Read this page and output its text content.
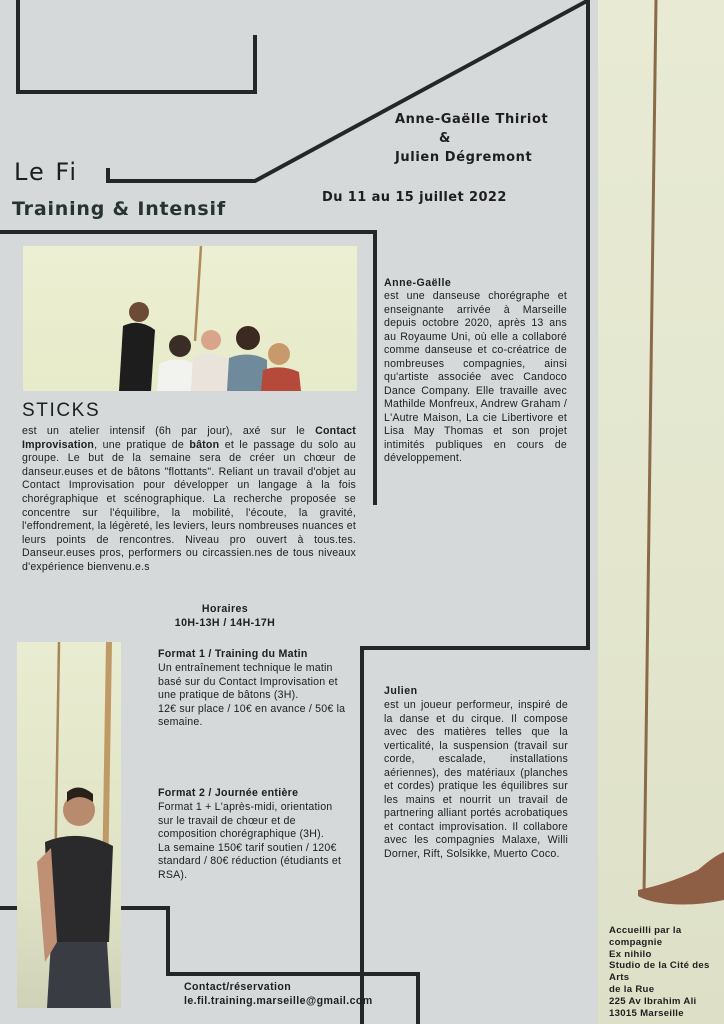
Anne-Gaëlle Thiriot
&
Julien Dégremont
Du 11 au 15 juillet 2022
Le Fi
Training & Intensif
STICKS
est un atelier intensif (6h par jour), axé sur le Contact Improvisation, une pratique de bâton et le passage du solo au groupe. Le but de la semaine sera de créer un chœur de danseur.euses et de bâtons "flottants". Reliant un travail d'objet au Contact Improvisation pour développer un langage à la fois chorégraphique et scénographique. La recherche proposée se concentre sur l'équilibre, la mobilité, l'écoute, la gravité, l'effondrement, la légèreté, les leviers, leurs nombreuses nuances et leurs points de rencontres. Niveau pro ouvert à tous.tes. Danseur.euses pros, performers ou circassien.nes de tous niveaux d'expérience bienvenu.e.s
Anne-Gaëlle
est une danseuse chorégraphe et enseignante arrivée à Marseille depuis octobre 2020, après 13 ans au Royaume Uni, où elle a collaboré comme danseuse et co-créatrice de nombreuses compagnies, ainsi qu'artiste associée avec Candoco Dance Company. Elle travaille avec Mathilde Monfreux, Andrew Graham / L'Autre Maison, La cie Libertivore et Lisa May Thomas et son projet intimités publiques en cours de développement.
Horaires
10H-13H / 14H-17H
Format 1 / Training du Matin
Un entraînement technique le matin basé sur du Contact Improvisation et une pratique de bâtons (3H).
12€ sur place / 10€ en avance / 50€ la semaine.
Format 2 / Journée entière
Format 1 + L'après-midi, orientation sur le travail de chœur et de composition chorégraphique (3H).
La semaine 150€ tarif soutien / 120€ standard / 80€ réduction (étudiants et RSA).
Julien
est un joueur performeur, inspiré de la danse et du cirque. Il compose avec des matières telles que la verticalité, la suspension (travail sur corde, escalade, installations aériennes), des matériaux (planches et cordes) pratique les équilibres sur les mains et nourrit un travail de partnering alliant portés acrobatiques et contact improvisation. Il collabore avec les compagnies Malaxe, Willi Dorner, Rift, Solsikke, Muerto Coco.
Contact/réservation
le.fil.training.marseille@gmail.com
Accueilli par la compagnie
Ex nihilo
Studio de la Cité des Arts
de la Rue
225 Av Ibrahim Ali
13015 Marseille
